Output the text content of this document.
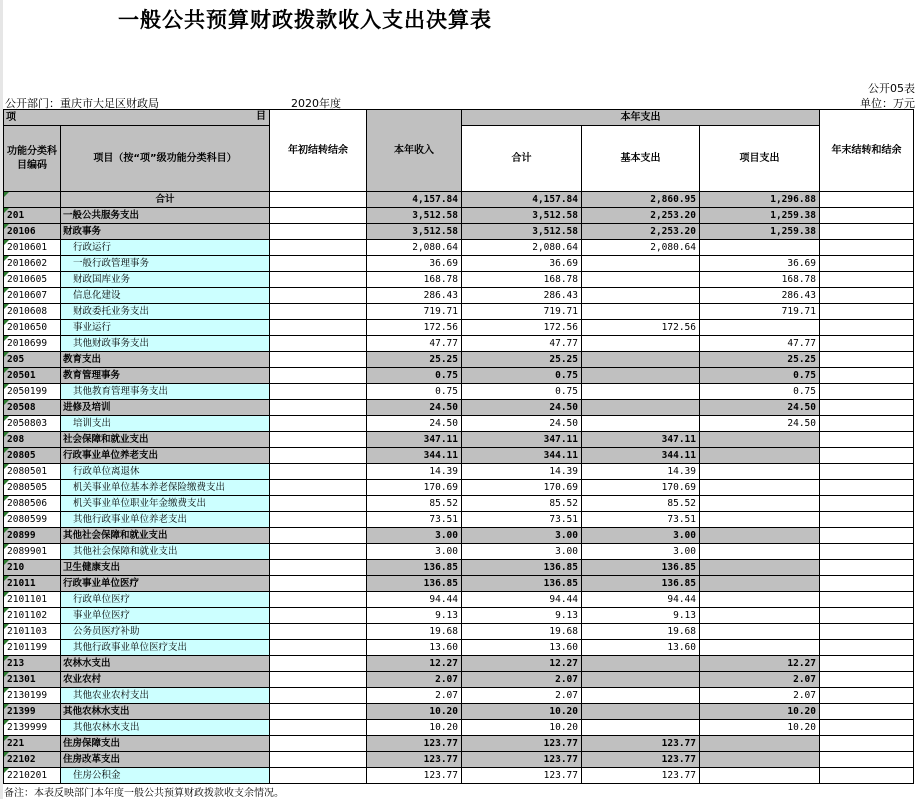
一般公共预算财政拨款收入支出决算表
公开05表
公开部门：重庆市大足区财政局	2020年度	单位：万元
项 目		年初结转结余	本年收入	本年支出			年末结转和结余
功能分类科目编码	项目（按“项”级功能分类科目）			合计	基本支出	项目支出	
	合计		4,157.84	4,157.84	2,860.95	1,296.88	
201	一般公共服务支出		3,512.58	3,512.58	2,253.20	1,259.38	
20106	财政事务		3,512.58	3,512.58	2,253.20	1,259.38	
2010601	行政运行		2,080.64	2,080.64	2,080.64		
2010602	一般行政管理事务		36.69	36.69		36.69	
2010605	财政国库业务		168.78	168.78		168.78	
2010607	信息化建设		286.43	286.43		286.43	
2010608	财政委托业务支出		719.71	719.71		719.71	
2010650	事业运行		172.56	172.56	172.56		
2010699	其他财政事务支出		47.77	47.77		47.77	
205	教育支出		25.25	25.25		25.25	
20501	教育管理事务		0.75	0.75		0.75	
2050199	其他教育管理事务支出		0.75	0.75		0.75	
20508	进修及培训		24.50	24.50		24.50	
2050803	培训支出		24.50	24.50		24.50	
208	社会保障和就业支出		347.11	347.11	347.11		
20805	行政事业单位养老支出		344.11	344.11	344.11		
2080501	行政单位离退休		14.39	14.39	14.39		
2080505	机关事业单位基本养老保险缴费支出		170.69	170.69	170.69		
2080506	机关事业单位职业年金缴费支出		85.52	85.52	85.52		
2080599	其他行政事业单位养老支出		73.51	73.51	73.51		
20899	其他社会保障和就业支出		3.00	3.00	3.00		
2089901	其他社会保障和就业支出		3.00	3.00	3.00		
210	卫生健康支出		136.85	136.85	136.85		
21011	行政事业单位医疗		136.85	136.85	136.85		
2101101	行政单位医疗		94.44	94.44	94.44		
2101102	事业单位医疗		9.13	9.13	9.13		
2101103	公务员医疗补助		19.68	19.68	19.68		
2101199	其他行政事业单位医疗支出		13.60	13.60	13.60		
213	农林水支出		12.27	12.27		12.27	
21301	农业农村		2.07	2.07		2.07	
2130199	其他农业农村支出		2.07	2.07		2.07	
21399	其他农林水支出		10.20	10.20		10.20	
2139999	其他农林水支出		10.20	10.20		10.20	
221	住房保障支出		123.77	123.77	123.77		
22102	住房改革支出		123.77	123.77	123.77		
2210201	住房公积金		123.77	123.77	123.77		
备注：本表反映部门本年度一般公共预算财政拨款收支余情况。
